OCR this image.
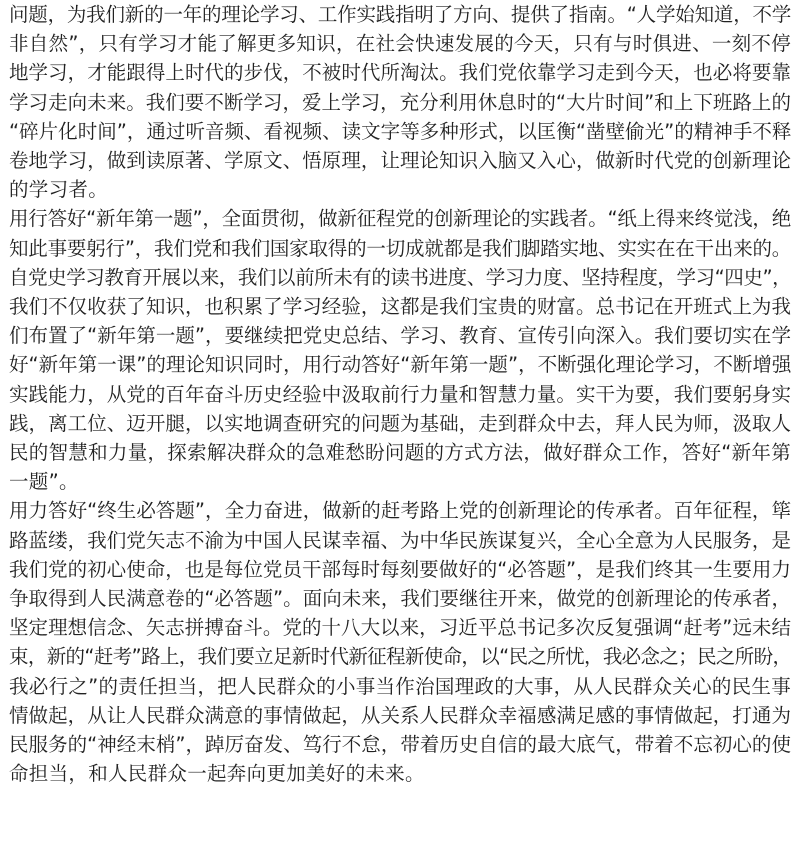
问题，为我们新的一年的理论学习、工作实践指明了方向、提供了指南。“人学始知道，不学
非自然”，只有学习才能了解更多知识，在社会快速发展的今天，只有与时俱进、一刻不停
地学习，才能跟得上时代的步伐，不被时代所淘汰。我们党依靠学习走到今天，也必将要靠
学习走向未来。我们要不断学习，爱上学习，充分利用休息时的“大片时间”和上下班路上的
“碎片化时间”，通过听音频、看视频、读文字等多种形式，以匡衡“凿壁偷光”的精神手不释
卷地学习，做到读原著、学原文、悟原理，让理论知识入脑又入心，做新时代党的创新理论
的学习者。
用行答好“新年第一题”，全面贯彻，做新征程党的创新理论的实践者。“纸上得来终觉浅，绝
知此事要躬行”，我们党和我们国家取得的一切成就都是我们脚踏实地、实实在在干出来的。
自党史学习教育开展以来，我们以前所未有的读书进度、学习力度、坚持程度，学习“四史”，
我们不仅收获了知识，也积累了学习经验，这都是我们宝贵的财富。总书记在开班式上为我
们布置了“新年第一题”，要继续把党史总结、学习、教育、宣传引向深入。我们要切实在学
好“新年第一课”的理论知识同时，用行动答好“新年第一题”，不断强化理论学习，不断增强
实践能力，从党的百年奋斗历史经验中汲取前行力量和智慧力量。实干为要，我们要躬身实
践，离工位、迈开腿，以实地调查研究的问题为基础，走到群众中去，拜人民为师，汲取人
民的智慧和力量，探索解决群众的急难愁盼问题的方式方法，做好群众工作，答好“新年第
一题”。
用力答好“终生必答题”，全力奋进，做新的赶考路上党的创新理论的传承者。百年征程，筚
路蓝缕，我们党矢志不渝为中国人民谋幸福、为中华民族谋复兴，全心全意为人民服务，是
我们党的初心使命，也是每位党员干部每时每刻要做好的“必答题”，是我们终其一生要用力
争取得到人民满意卷的“必答题”。面向未来，我们要继往开来，做党的创新理论的传承者，
坚定理想信念、矢志拼搏奋斗。党的十八大以来，习近平总书记多次反复强调“赶考”远未结
束，新的“赶考”路上，我们要立足新时代新征程新使命，以“民之所忧，我必念之；民之所盼，
我必行之”的责任担当，把人民群众的小事当作治国理政的大事，从人民群众关心的民生事
情做起，从让人民群众满意的事情做起，从关系人民群众幸福感满足感的事情做起，打通为
民服务的“神经末梢”，踔厉奋发、笃行不怠，带着历史自信的最大底气，带着不忘初心的使
命担当，和人民群众一起奔向更加美好的未来。
